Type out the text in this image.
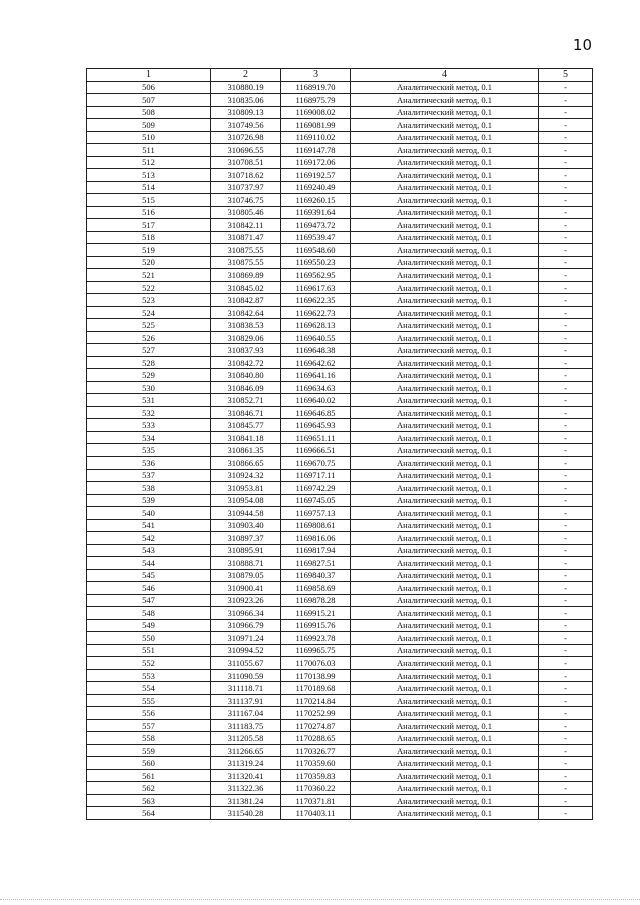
10
1	2	3	4	5
506	310880.19	1168919.70	Аналитический метод, 0.1	-
507	310835.06	1168975.79	Аналитический метод, 0.1	-
508	310809.13	1169008.02	Аналитический метод, 0.1	-
509	310749.56	1169081.99	Аналитический метод, 0.1	-
510	310726.98	1169110.02	Аналитический метод, 0.1	-
511	310696.55	1169147.78	Аналитический метод, 0.1	-
512	310708.51	1169172.06	Аналитический метод, 0.1	-
513	310718.62	1169192.57	Аналитический метод, 0.1	-
514	310737.97	1169240.49	Аналитический метод, 0.1	-
515	310746.75	1169260.15	Аналитический метод, 0.1	-
516	310805.46	1169391.64	Аналитический метод, 0.1	-
517	310842.11	1169473.72	Аналитический метод, 0.1	-
518	310871.47	1169539.47	Аналитический метод, 0.1	-
519	310875.55	1169548.60	Аналитический метод, 0.1	-
520	310875.55	1169550.23	Аналитический метод, 0.1	-
521	310869.89	1169562.95	Аналитический метод, 0.1	-
522	310845.02	1169617.63	Аналитический метод, 0.1	-
523	310842.87	1169622.35	Аналитический метод, 0.1	-
524	310842.64	1169622.73	Аналитический метод, 0.1	-
525	310838.53	1169628.13	Аналитический метод, 0.1	-
526	310829.06	1169640.55	Аналитический метод, 0.1	-
527	310837.93	1169648.38	Аналитический метод, 0.1	-
528	310842.72	1169642.62	Аналитический метод, 0.1	-
529	310840.80	1169641.16	Аналитический метод, 0.1	-
530	310846.09	1169634.63	Аналитический метод, 0.1	-
531	310852.71	1169640.02	Аналитический метод, 0.1	-
532	310846.71	1169646.85	Аналитический метод, 0.1	-
533	310845.77	1169645.93	Аналитический метод, 0.1	-
534	310841.18	1169651.11	Аналитический метод, 0.1	-
535	310861.35	1169666.51	Аналитический метод, 0.1	-
536	310866.65	1169670.75	Аналитический метод, 0.1	-
537	310924.32	1169717.11	Аналитический метод, 0.1	-
538	310953.81	1169742.29	Аналитический метод, 0.1	-
539	310954.08	1169745.05	Аналитический метод, 0.1	-
540	310944.58	1169757.13	Аналитический метод, 0.1	-
541	310903.40	1169808.61	Аналитический метод, 0.1	-
542	310897.37	1169816.06	Аналитический метод, 0.1	-
543	310895.91	1169817.94	Аналитический метод, 0.1	-
544	310888.71	1169827.51	Аналитический метод, 0.1	-
545	310879.05	1169840.37	Аналитический метод, 0.1	-
546	310900.41	1169858.69	Аналитический метод, 0.1	-
547	310923.26	1169878.28	Аналитический метод, 0.1	-
548	310966.34	1169915.21	Аналитический метод, 0.1	-
549	310966.79	1169915.76	Аналитический метод, 0.1	-
550	310971.24	1169923.78	Аналитический метод, 0.1	-
551	310994.52	1169965.75	Аналитический метод, 0.1	-
552	311055.67	1170076.03	Аналитический метод, 0.1	-
553	311090.59	1170138.99	Аналитический метод, 0.1	-
554	311118.71	1170189.68	Аналитический метод, 0.1	-
555	311137.91	1170214.84	Аналитический метод, 0.1	-
556	311167.04	1170252.99	Аналитический метод, 0.1	-
557	311183.75	1170274.87	Аналитический метод, 0.1	-
558	311205.58	1170288.65	Аналитический метод, 0.1	-
559	311266.65	1170326.77	Аналитический метод, 0.1	-
560	311319.24	1170359.60	Аналитический метод, 0.1	-
561	311320.41	1170359.83	Аналитический метод, 0.1	-
562	311322.36	1170360.22	Аналитический метод, 0.1	-
563	311381.24	1170371.81	Аналитический метод, 0.1	-
564	311540.28	1170403.11	Аналитический метод, 0.1	-
